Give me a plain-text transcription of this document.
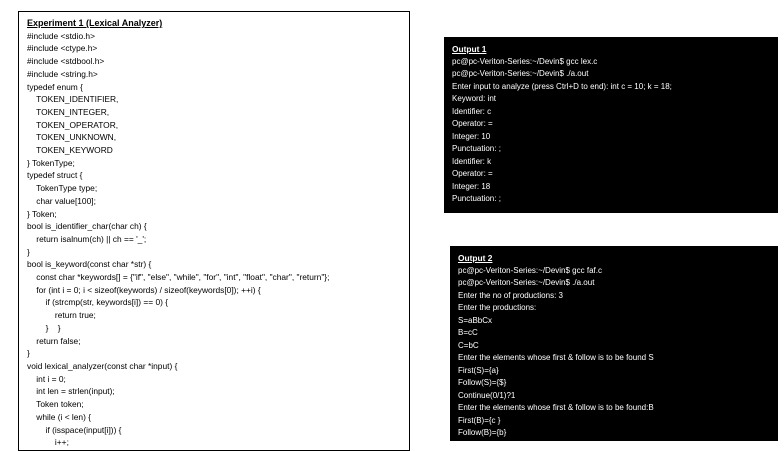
Experiment 1 (Lexical Analyzer)
#include <stdio.h>
#include <ctype.h>
#include <stdbool.h>
#include <string.h>
typedef enum {
TOKEN_IDENTIFIER,
TOKEN_INTEGER,
TOKEN_OPERATOR,
TOKEN_UNKNOWN,
TOKEN_KEYWORD
} TokenType;
typedef struct {
TokenType type;
char value[100];
} Token;
bool is_identifier_char(char ch) {
return isalnum(ch) || ch == '_';
}
bool is_keyword(const char *str) {
const char *keywords[] = {"if", "else", "while", "for", "int", "float", "char", "return"};
for (int i = 0; i < sizeof(keywords) / sizeof(keywords[0]); ++i) {
if (strcmp(str, keywords[i]) == 0) {
return true;
}    }
return false;
}
void lexical_analyzer(const char *input) {
int i = 0;
int len = strlen(input);
Token token;
while (i < len) {
if (isspace(input[i])) {
i++;
Output 1
pc@pc-Veriton-Series:~/Devin$ gcc lex.c
pc@pc-Veriton-Series:~/Devin$ ./a.out
Enter input to analyze (press Ctrl+D to end): int c = 10; k = 18;
Keyword: int
Identifier: c
Operator: =
Integer: 10
Punctuation: ;
Identifier: k
Operator: =
Integer: 18
Punctuation: ;
Output 2
pc@pc-Veriton-Series:~/Devin$ gcc faf.c
pc@pc-Veriton-Series:~/Devin$ ./a.out
Enter the no of productions: 3
Enter the productions:
S=aBbCx
B=cC
C=bC
Enter the elements whose first & follow is to be found S
First(S)={a}
Follow(S)={$}
Continue(0/1)?1
Enter the elements whose first & follow is to be found:B
First(B)={c }
Follow(B)={b}
